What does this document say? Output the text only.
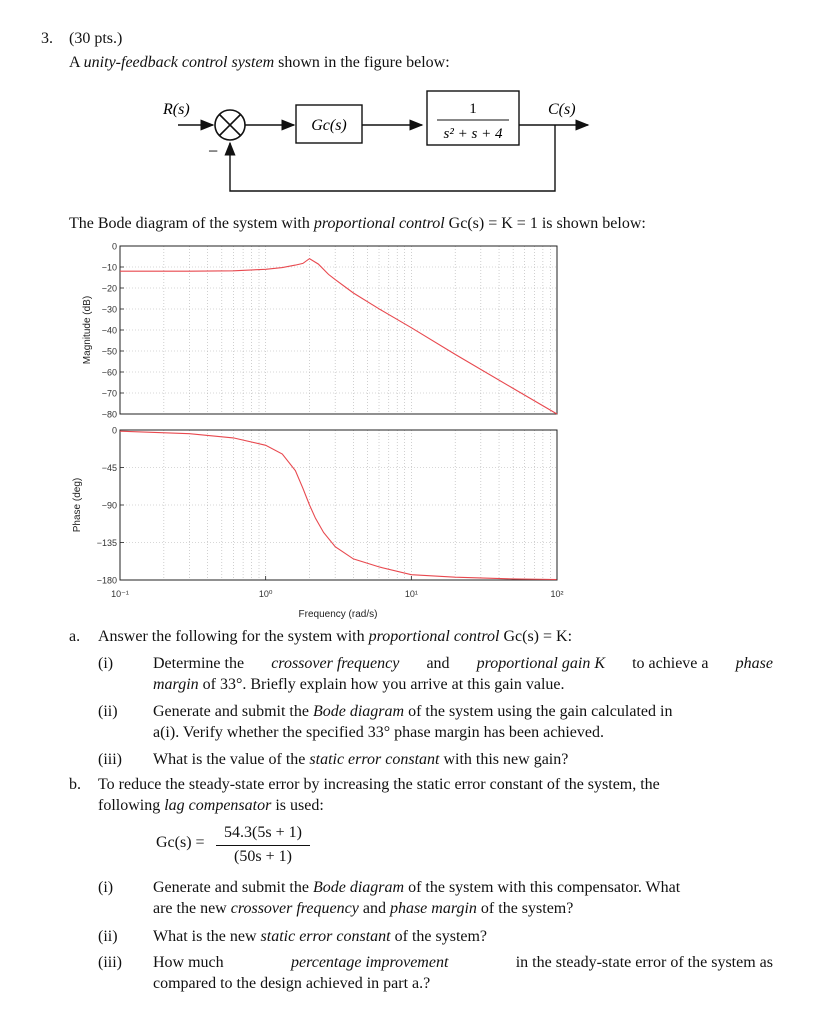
3. (30 pts.)
A unity-feedback control system shown in the figure below:
R(s)
−
Gc(s)
1
s² + s + 4
C(s)
The Bode diagram of the system with proportional control Gc(s) = K = 1 is shown below:
0
−10
−20
−30
−40
−50
−60
−70
−80
Magnitude (dB)
0
−45
−90
−135
−180
Phase (deg)
10⁻¹	10⁰	10¹	10²
Frequency (rad/s)
a. Answer the following for the system with proportional control Gc(s) = K:
(i) Determine the crossover frequency and proportional gain K to achieve a phase
margin of 33°. Briefly explain how you arrive at this gain value.
(ii) Generate and submit the Bode diagram of the system using the gain calculated in
a(i). Verify whether the specified 33° phase margin has been achieved.
(iii) What is the value of the static error constant with this new gain?
b. To reduce the steady-state error by increasing the static error constant of the system, the
following lag compensator is used:
Gc(s) =
54.3(5s + 1)
(50s + 1)
(i) Generate and submit the Bode diagram of the system with this compensator. What
are the new crossover frequency and phase margin of the system?
(ii) What is the new static error constant of the system?
(iii) How much	percentage improvement	in the steady-state error of the system as
compared to the design achieved in part a.?
